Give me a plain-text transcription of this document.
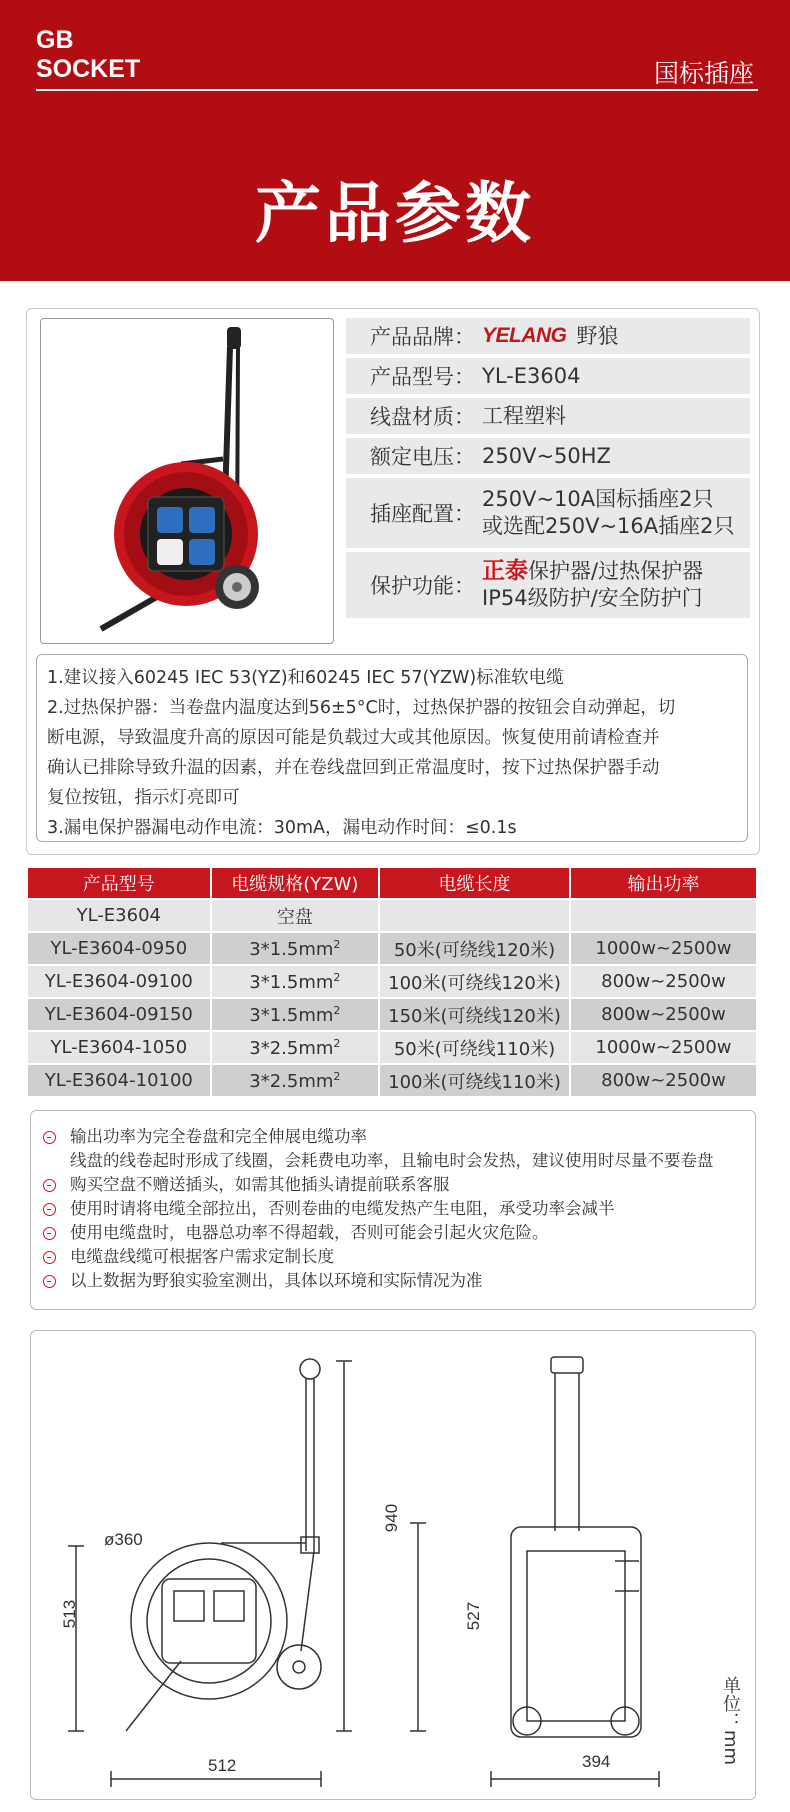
GB
SOCKET	国标插座
产品参数
产品品牌： YELANG 野狼
产品型号： YL-E3604
线盘材质： 工程塑料
额定电压： 250V~50HZ
插座配置：
250V~10A国标插座2只
或选配250V~16A插座2只
保护功能：
正泰保护器/过热保护器
IP54级防护/安全防护门
1.建议接入60245 IEC 53(YZ)和60245 IEC 57(YZW)标准软电缆
2.过热保护器：当卷盘内温度达到56±5°C时，过热保护器的按钮会自动弹起，切
断电源，导致温度升高的原因可能是负载过大或其他原因。恢复使用前请检查并
确认已排除导致升温的因素，并在卷线盘回到正常温度时，按下过热保护器手动
复位按钮，指示灯亮即可
3.漏电保护器漏电动作电流：30mA，漏电动作时间：≤0.1s
产品型号	电缆规格(YZW)	电缆长度	输出功率
YL-E3604	空盘		
YL-E3604-0950	$3*1.5mm^2$	50米(可绕线120米)	1000w~2500w
YL-E3604-09100	$3*1.5mm^2$	100米(可绕线120米)	800w~2500w
YL-E3604-09150	$3*1.5mm^2$	150米(可绕线120米)	800w~2500w
YL-E3604-1050	$3*2.5mm^2$	50米(可绕线110米)	1000w~2500w
YL-E3604-10100	$3*2.5mm^2$	100米(可绕线110米)	800w~2500w
输出功率为完全卷盘和完全伸展电缆功率
线盘的线卷起时形成了线圈，会耗费电功率，且输电时会发热，建议使用时尽量不要卷盘
购买空盘不赠送插头，如需其他插头请提前联系客服
使用时请将电缆全部拉出，否则卷曲的电缆发热产生电阻，承受功率会减半
使用电缆盘时，电器总功率不得超载，否则可能会引起火灾危险。
电缆盘线缆可根据客户需求定制长度
以上数据为野狼实验室测出，具体以环境和实际情况为准
ø360
940
513
512
527
394	单位：mm
